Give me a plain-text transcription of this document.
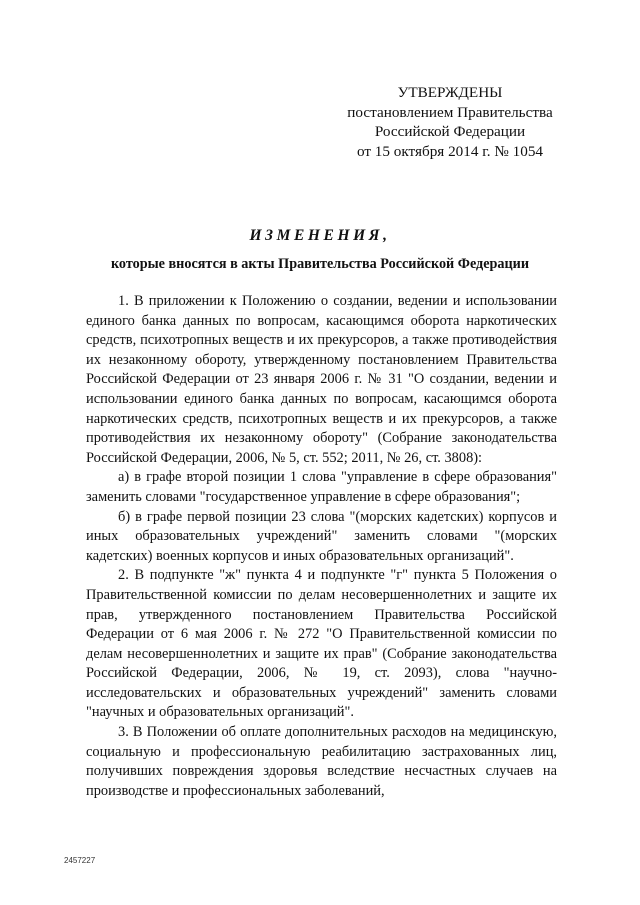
УТВЕРЖДЕНЫ
постановлением Правительства
Российской Федерации
от 15 октября 2014 г. № 1054
ИЗМЕНЕНИЯ,
которые вносятся в акты Правительства Российской Федерации

1. В приложении к Положению о создании, ведении и использовании единого банка данных по вопросам, касающимся оборота наркотических средств, психотропных веществ и их прекурсоров, а также противодействия их незаконному обороту, утвержденному постановлением Правительства Российской Федерации от 23 января 2006 г. № 31 "О создании, ведении и использовании единого банка данных по вопросам, касающимся оборота наркотических средств, психотропных веществ и их прекурсоров, а также противодействия их незаконному обороту" (Собрание законодательства Российской Федерации, 2006, № 5, ст. 552; 2011, № 26, ст. 3808):

а) в графе второй позиции 1 слова "управление в сфере образования" заменить словами "государственное управление в сфере образования";

б) в графе первой позиции 23 слова "(морских кадетских) корпусов и иных образовательных учреждений" заменить словами "(морских кадетских) военных корпусов и иных образовательных организаций".

2. В подпункте "ж" пункта 4 и подпункте "г" пункта 5 Положения о Правительственной комиссии по делам несовершеннолетних и защите их прав, утвержденного постановлением Правительства Российской Федерации от 6 мая 2006 г. № 272 "О Правительственной комиссии по делам несовершеннолетних и защите их прав" (Собрание законодательства Российской Федерации, 2006, № 19, ст. 2093), слова "научно-исследовательских и образовательных учреждений" заменить словами "научных и образовательных организаций".

3. В Положении об оплате дополнительных расходов на медицинскую, социальную и профессиональную реабилитацию застрахованных лиц, получивших повреждения здоровья вследствие несчастных случаев на производстве и профессиональных заболеваний,

2457227
